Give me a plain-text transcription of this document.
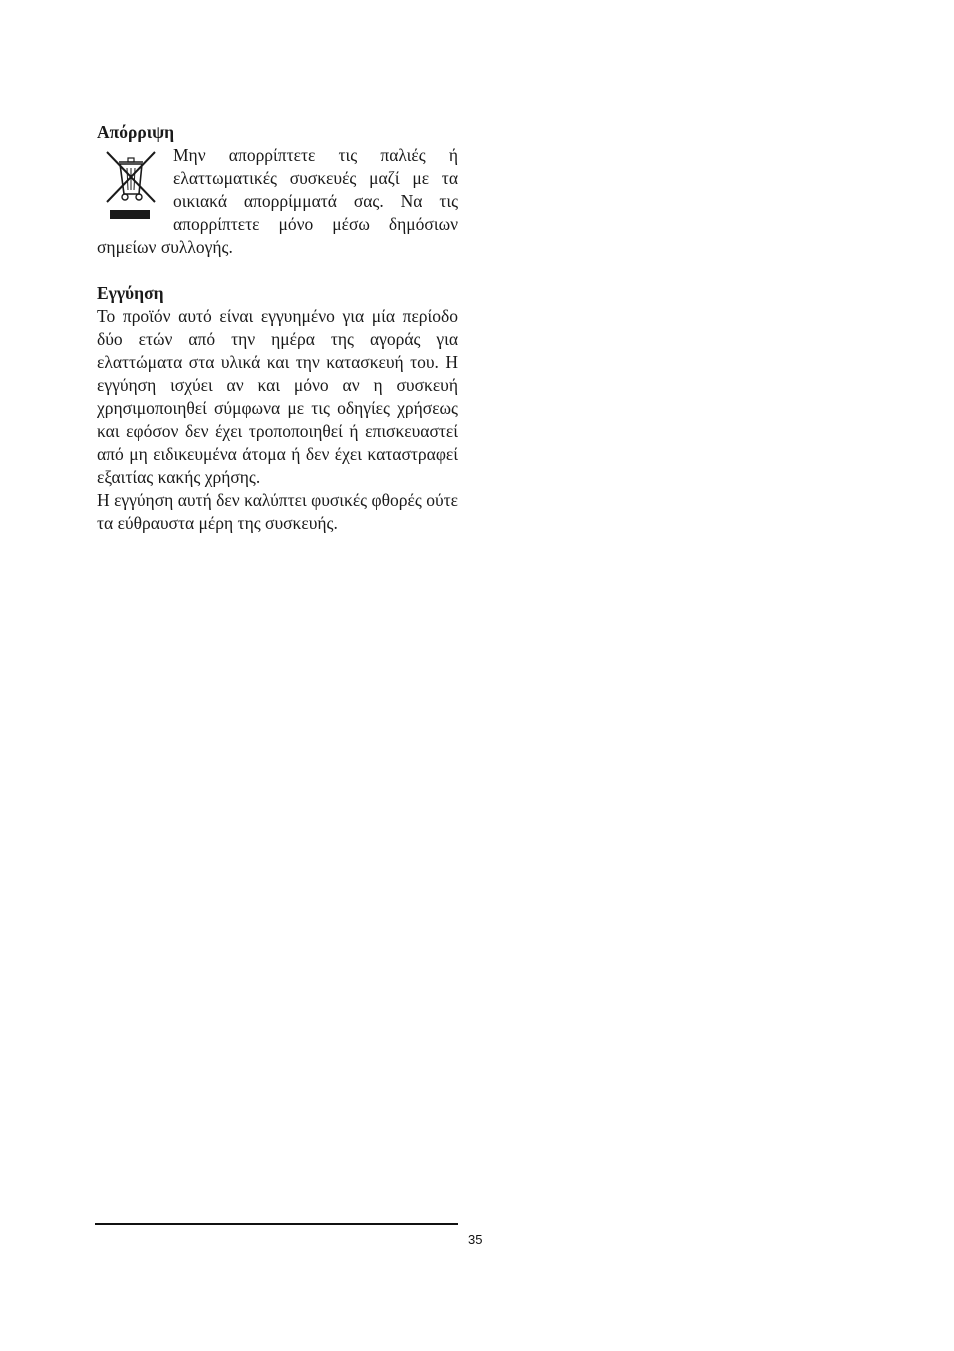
Απόρριψη

Μην απορρίπτετε τις παλιές ή ελαττωματικές συσκευές μαζί με τα οικιακά απορρίμματά σας. Να τις απορρίπτετε μόνο μέσω δημόσιων σημείων συλλογής.

Εγγύηση

Το προϊόν αυτό είναι εγγυημένο για μία περίοδο δύο ετών από την ημέρα της αγοράς για ελαττώματα στα υλικά και την κατασκευή του. Η εγγύηση ισχύει αν και μόνο αν η συσκευή χρησιμοποιηθεί σύμφωνα με τις οδηγίες χρήσεως και εφόσον δεν έχει τροποποιηθεί ή επισκευαστεί από μη ειδικευμένα άτομα ή δεν έχει καταστραφεί εξαιτίας κακής χρήσης.

Η εγγύηση αυτή δεν καλύπτει φυσικές φθορές ούτε τα εύθραυστα μέρη της συσκευής.

35
